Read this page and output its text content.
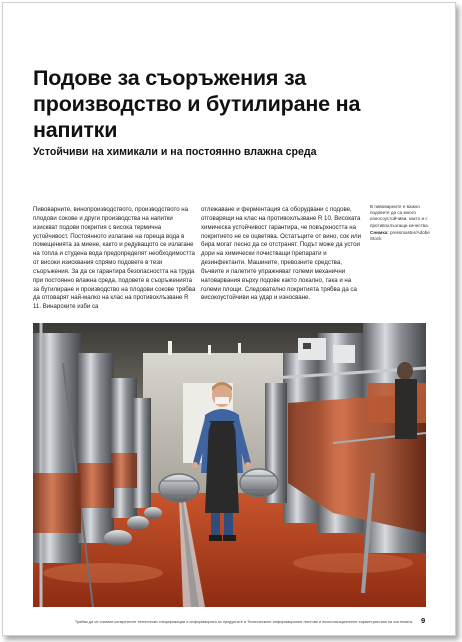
Подове за съоръжения за производство и бутилиране на напитки
Устойчиви на химикали и на постоянно влажна среда

Пивоварните, винопроизводството, производството на плодови сокове и други производства на напитки изискват подови покрития с висока термична устойчивост. Постоянното излагане на гореща вода в помещенията за миене, както и редуващото се излагане на топла и студена вода предопределят необходимостта от високи изисквания спрямо подовете в тези съоръжения. За да се гарантира безопасността на труда при постоянно влажна среда, подовете в съоръженията за бутилиране и производство на плодови сокове трябва да отговарят най-малко на клас на противохлъзване R 11. Винарските изби са

отлежаване и ферментация са оборудвани с подове, отговарящи на клас на противохлъзване R 10. Високата химическа устойчивост гарантира, че повърхността на покритието не се оцветява. Остатъците от вино, сок или бира могат лесно да се отстранят. Подът може да устои дори на химически почистващи препарати и дезинфектанти. Машините, превозните средства, бъчвите и палетите упражняват големи механични натоварвания върху подове както локално, така и на големи площи. Следователно покритията трябва да са високоустойчиви на удар и износване.

В пивоварните е важно подовете да са много износоустойчиви, както и с противохлъзгащи качества.

Снимка: pressmaster/Adobe Stock

Трябва да се спазват конкретните технически спецификации и информацията за продуктите в Техническите информационни листове и експлоатационните характеристики на системата. 9
